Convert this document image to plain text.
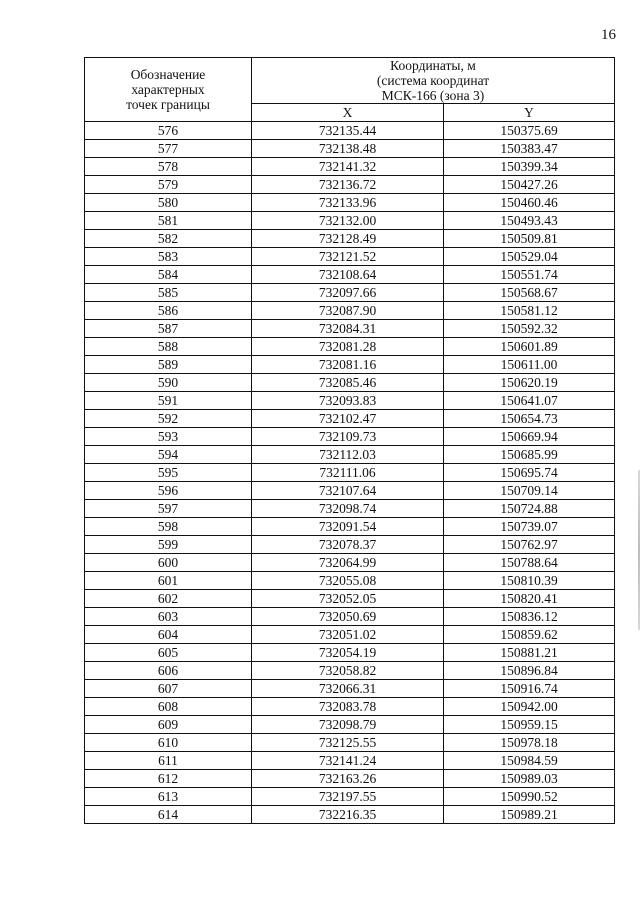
16
Обозначение
характерных
точек границы	Координаты, м
(система координат
МСК-166 (зона 3)	

	X	Y
576	732135.44	150375.69
577	732138.48	150383.47
578	732141.32	150399.34
579	732136.72	150427.26
580	732133.96	150460.46
581	732132.00	150493.43
582	732128.49	150509.81
583	732121.52	150529.04
584	732108.64	150551.74
585	732097.66	150568.67
586	732087.90	150581.12
587	732084.31	150592.32
588	732081.28	150601.89
589	732081.16	150611.00
590	732085.46	150620.19
591	732093.83	150641.07
592	732102.47	150654.73
593	732109.73	150669.94
594	732112.03	150685.99
595	732111.06	150695.74
596	732107.64	150709.14
597	732098.74	150724.88
598	732091.54	150739.07
599	732078.37	150762.97
600	732064.99	150788.64
601	732055.08	150810.39
602	732052.05	150820.41
603	732050.69	150836.12
604	732051.02	150859.62
605	732054.19	150881.21
606	732058.82	150896.84
607	732066.31	150916.74
608	732083.78	150942.00
609	732098.79	150959.15
610	732125.55	150978.18
611	732141.24	150984.59
612	732163.26	150989.03
613	732197.55	150990.52
614	732216.35	150989.21
